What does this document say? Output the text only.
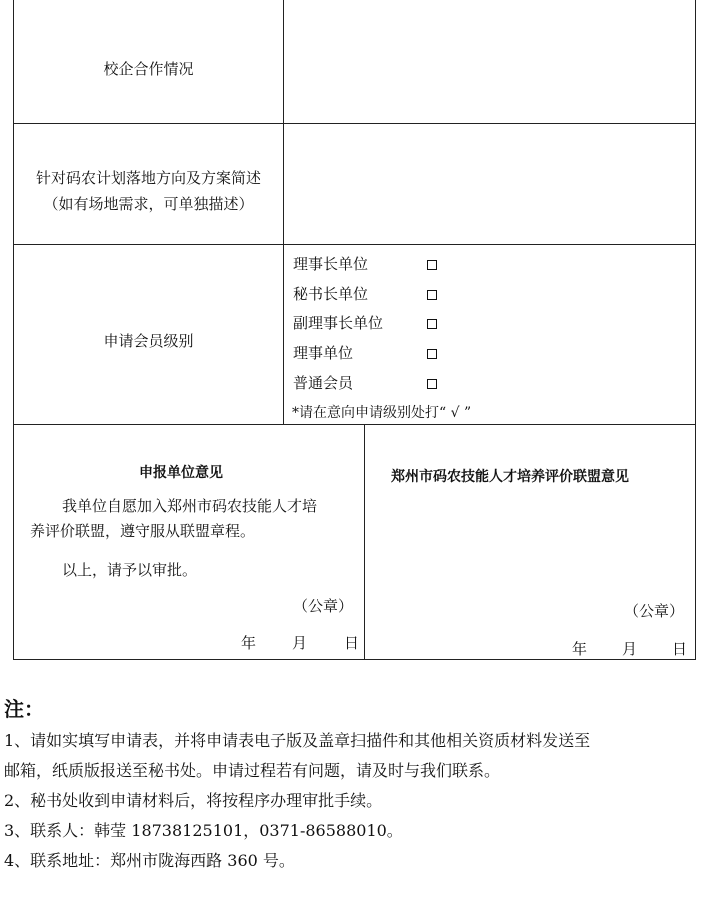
校企合作情况
针对码农计划落地方向及方案简述
（如有场地需求，可单独描述）
申请会员级别
理事长单位
秘书长单位
副理事长单位
理事单位
普通会员
*请在意向申请级别处打“ √ ”
申报单位意见
我单位自愿加入郑州市码农技能人才培
养评价联盟，遵守服从联盟章程。
以上，请予以审批。
（公章）
年 月 日
郑州市码农技能人才培养评价联盟意见
（公章）
年 月 日
注：
1、请如实填写申请表，并将申请表电子版及盖章扫描件和其他相关资质材料发送至
邮箱，纸质版报送至秘书处。申请过程若有问题，请及时与我们联系。
2、秘书处收到申请材料后，将按程序办理审批手续。
3、联系人：韩莹 18738125101，0371-86588010。
4、联系地址：郑州市陇海西路 360 号。
